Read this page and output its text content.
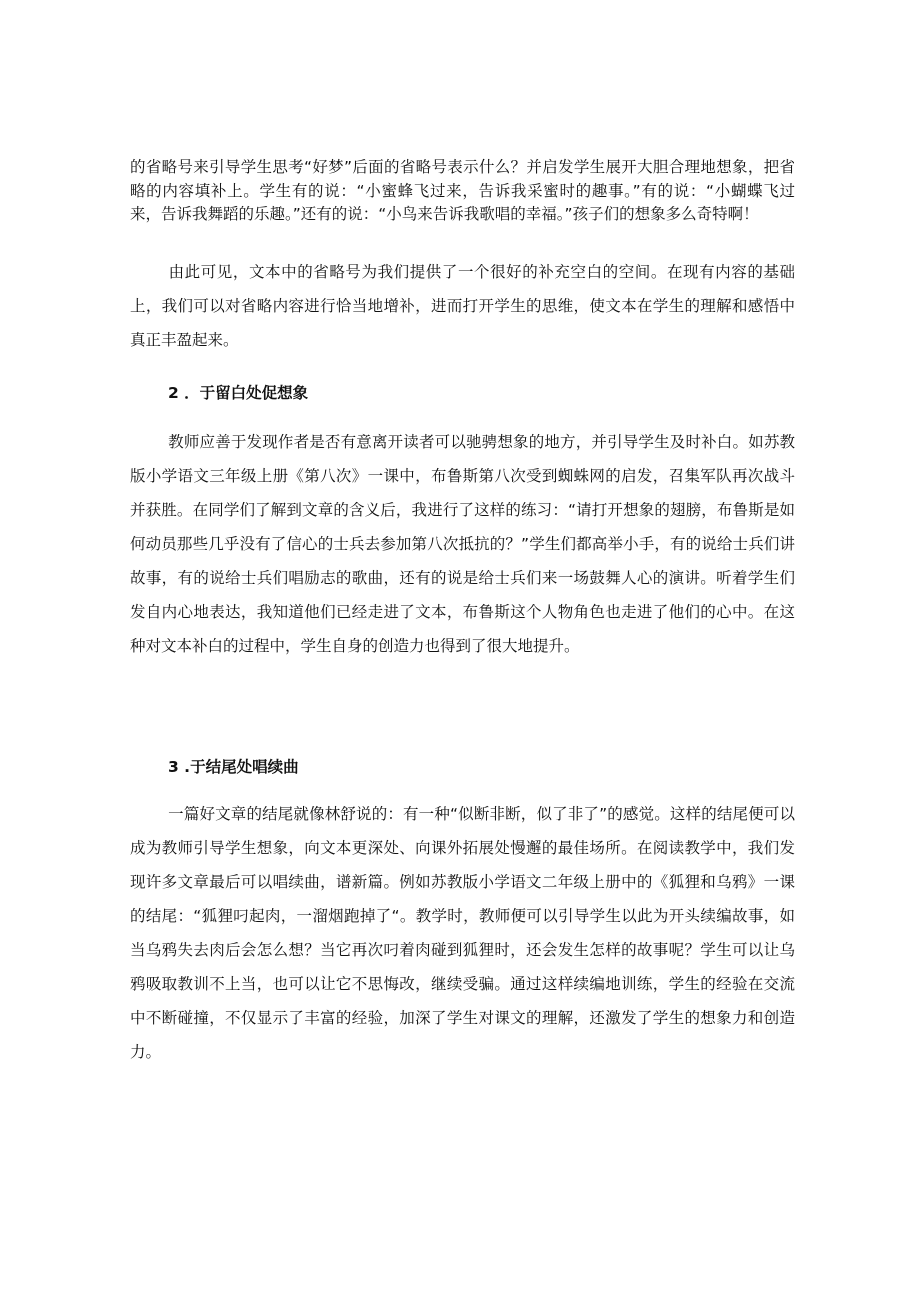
的省略号来引导学生思考“好梦”后面的省略号表示什么？并启发学生展开大胆合理地想象，把省略的内容填补上。学生有的说：“小蜜蜂飞过来，告诉我采蜜时的趣事。”有的说：“小蝴蝶飞过来，告诉我舞蹈的乐趣。”还有的说：“小鸟来告诉我歌唱的幸福。”孩子们的想象多么奇特啊！

由此可见，文本中的省略号为我们提供了一个很好的补充空白的空间。在现有内容的基础上，我们可以对省略内容进行恰当地增补，进而打开学生的思维，使文本在学生的理解和感悟中真正丰盈起来。

2 ．于留白处促想象

教师应善于发现作者是否有意离开读者可以驰骋想象的地方，并引导学生及时补白。如苏教版小学语文三年级上册《第八次》一课中，布鲁斯第八次受到蜘蛛网的启发，召集军队再次战斗并获胜。在同学们了解到文章的含义后，我进行了这样的练习：“请打开想象的翅膀，布鲁斯是如何动员那些几乎没有了信心的士兵去参加第八次抵抗的？”学生们都高举小手，有的说给士兵们讲故事，有的说给士兵们唱励志的歌曲，还有的说是给士兵们来一场鼓舞人心的演讲。听着学生们发自内心地表达，我知道他们已经走进了文本，布鲁斯这个人物角色也走进了他们的心中。在这种对文本补白的过程中，学生自身的创造力也得到了很大地提升。

3 .于结尾处唱续曲

一篇好文章的结尾就像林舒说的：有一种“似断非断，似了非了”的感觉。这样的结尾便可以成为教师引导学生想象，向文本更深处、向课外拓展处慢邂的最佳场所。在阅读教学中，我们发现许多文章最后可以唱续曲，谱新篇。例如苏教版小学语文二年级上册中的《狐狸和乌鸦》一课的结尾：“狐狸叼起肉，一溜烟跑掉了“。教学时，教师便可以引导学生以此为开头续编故事，如当乌鸦失去肉后会怎么想？当它再次叼着肉碰到狐狸时，还会发生怎样的故事呢？学生可以让乌鸦吸取教训不上当，也可以让它不思悔改，继续受骗。通过这样续编地训练，学生的经验在交流中不断碰撞，不仅显示了丰富的经验，加深了学生对课文的理解，还激发了学生的想象力和创造力。
